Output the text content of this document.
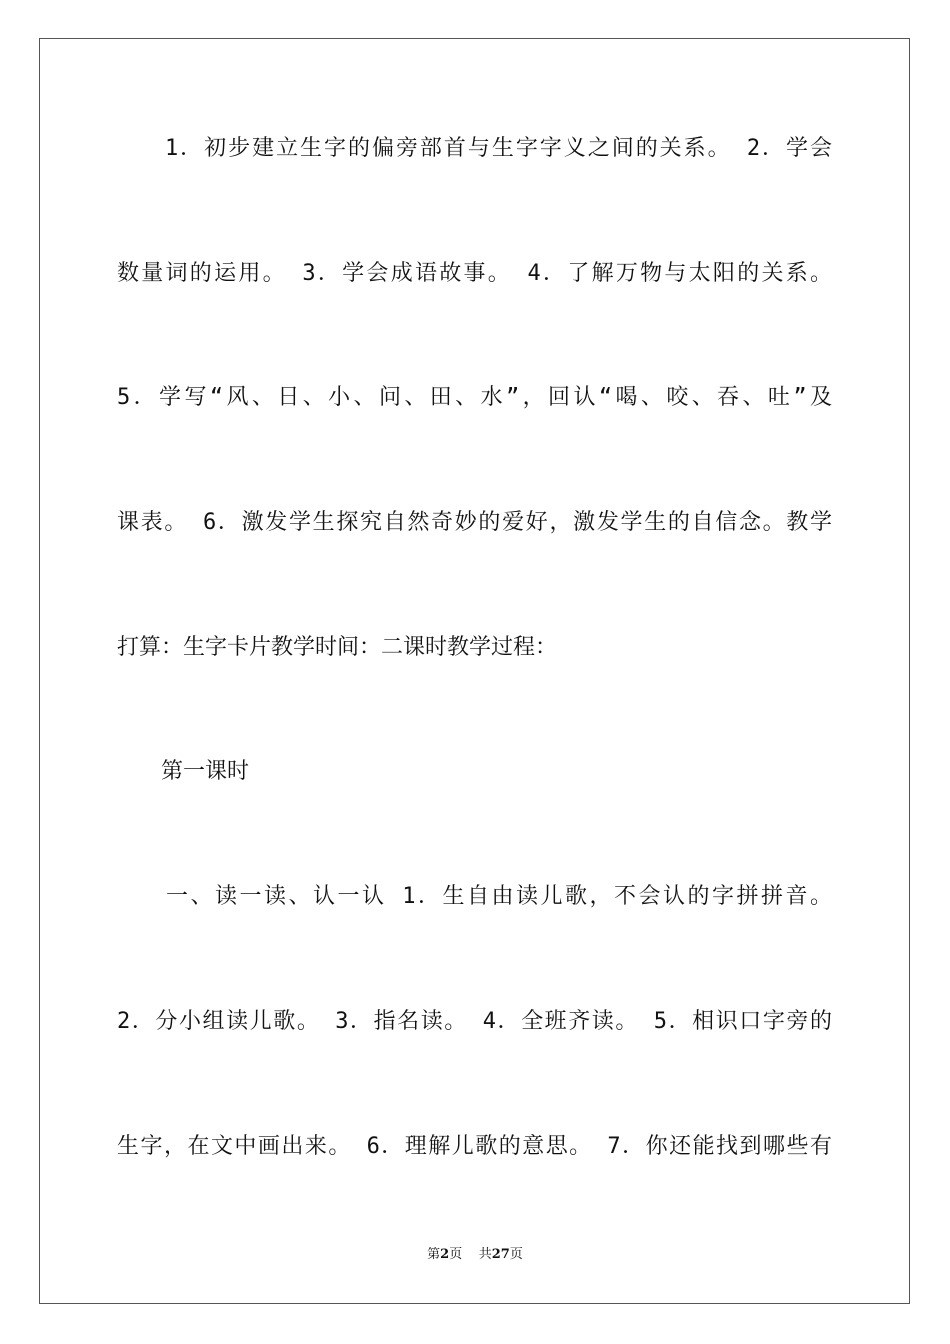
　　1．初步建立生字的偏旁部首与生字字义之间的关系。 2．学会
数量词的运用。 3．学会成语故事。 4．了解万物与太阳的关系。
5．学写“风、日、小、问、田、水”，回认“喝、咬、吞、吐”及
课表。 6．激发学生探究自然奇妙的爱好，激发学生的自信念。教学
打算：生字卡片教学时间：二课时教学过程：
　　第一课时
　　一、读一读、认一认 1．生自由读儿歌，不会认的字拼拼音。
2．分小组读儿歌。 3．指名读。 4．全班齐读。 5．相识口字旁的
生字，在文中画出来。 6．理解儿歌的意思。 7．你还能找到哪些有
第2页 共27页
